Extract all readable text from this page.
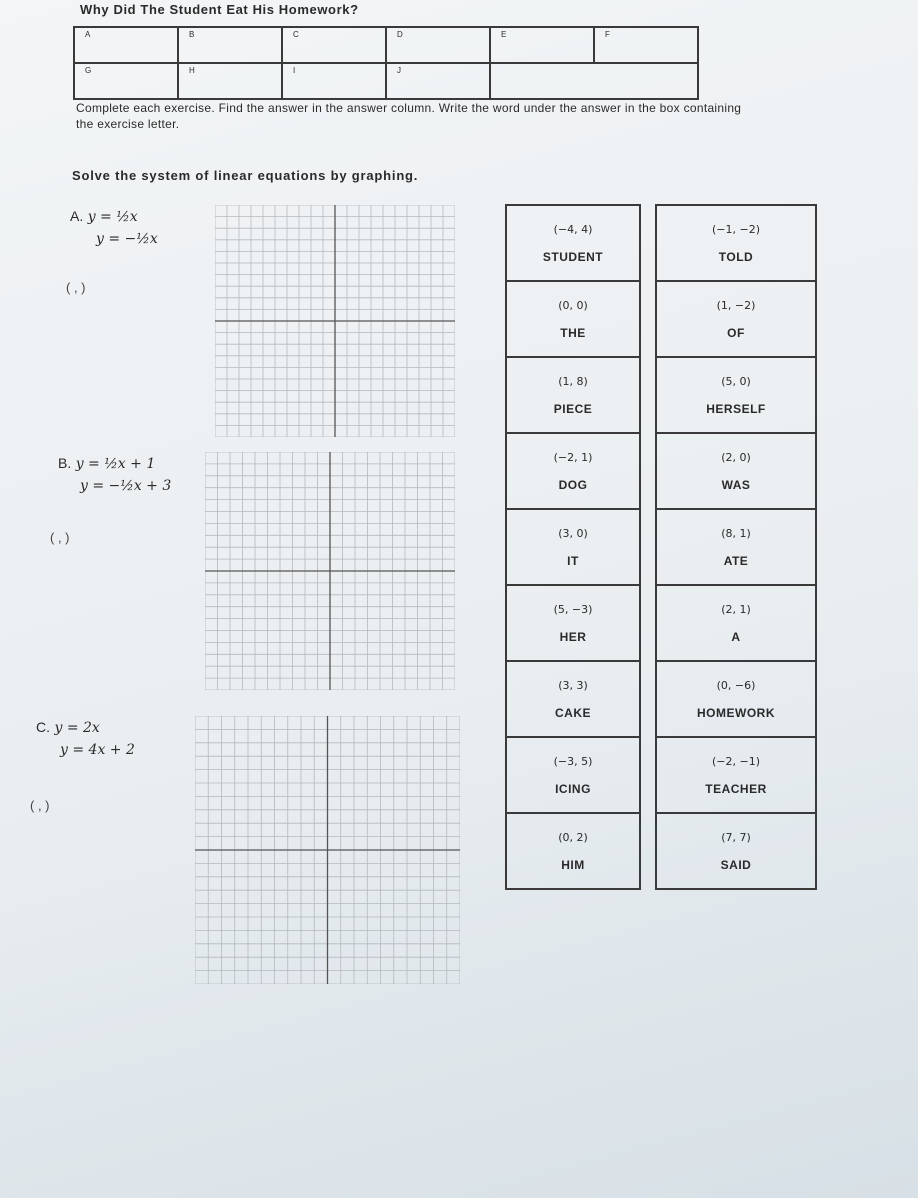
Why Did The Student Eat His Homework?
A	B	C	D	E	F
G	H	I	J		
Complete each exercise. Find the answer in the answer column. Write the word under the answer in the box containing the exercise letter.
Solve the system of linear equations by graphing.
A. y = ½x
y = −½x
( , )
B. y = ½x + 1
y = −½x + 3
( , )
C. y = 2x
y = 4x + 2
( , )
(−4, 4)
STUDENT
(0, 0)
THE
(1, 8)
PIECE
(−2, 1)
DOG
(3, 0)
IT
(5, −3)
HER
(3, 3)
CAKE
(−3, 5)
ICING
(0, 2)
HIM
(−1, −2)
TOLD
(1, −2)
OF
(5, 0)
HERSELF
(2, 0)
WAS
(8, 1)
ATE
(2, 1)
A
(0, −6)
HOMEWORK
(−2, −1)
TEACHER
(7, 7)
SAID
